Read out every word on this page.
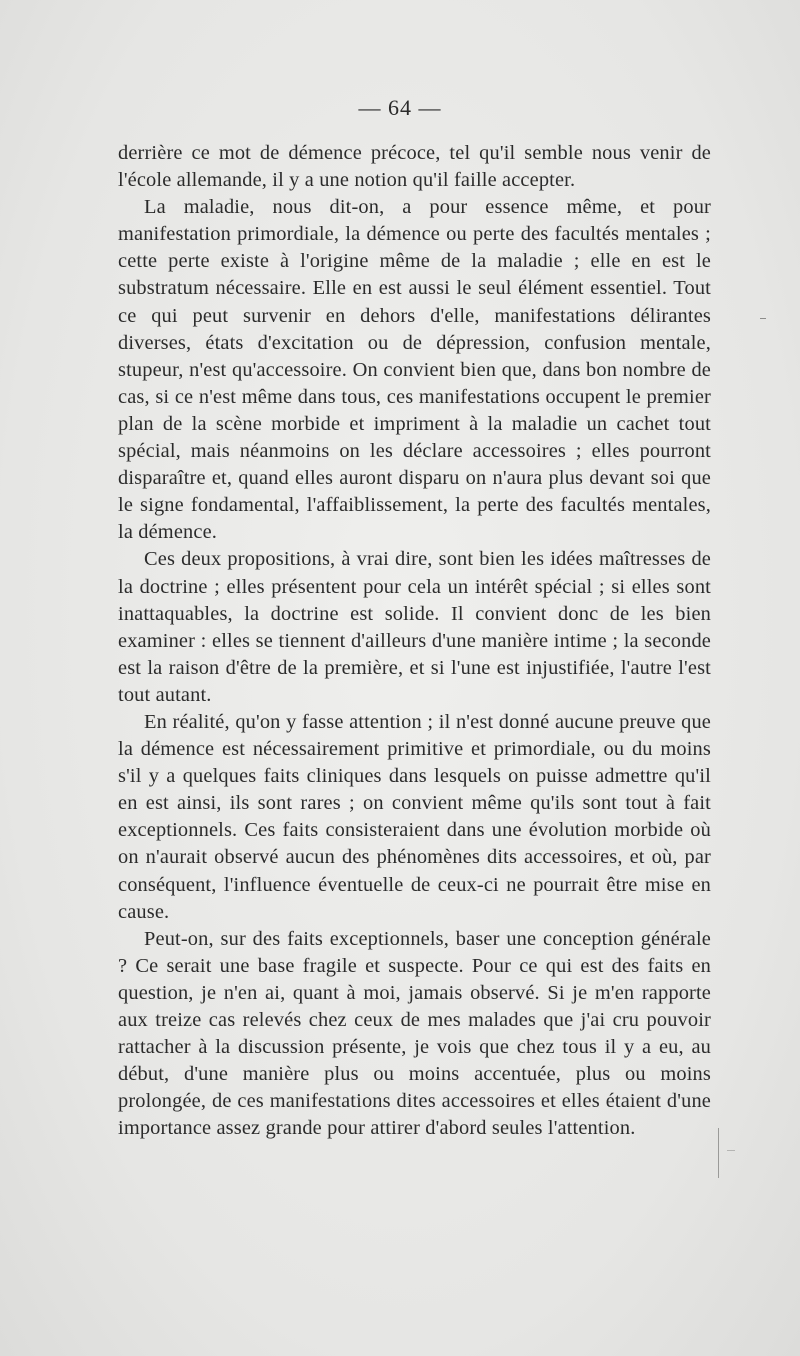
— 64 —

derrière ce mot de démence précoce, tel qu'il semble nous venir de l'école allemande, il y a une notion qu'il faille accepter.

La maladie, nous dit-on, a pour essence même, et pour manifestation primordiale, la démence ou perte des facultés mentales ; cette perte existe à l'origine même de la maladie ; elle en est le substratum nécessaire. Elle en est aussi le seul élément essentiel. Tout ce qui peut survenir en dehors d'elle, manifestations délirantes diverses, états d'excitation ou de dépression, confusion mentale, stupeur, n'est qu'accessoire. On convient bien que, dans bon nombre de cas, si ce n'est même dans tous, ces manifestations occupent le premier plan de la scène morbide et impriment à la maladie un cachet tout spécial, mais néanmoins on les déclare accessoires ; elles pourront disparaître et, quand elles auront disparu on n'aura plus devant soi que le signe fondamental, l'affaiblissement, la perte des facultés mentales, la démence.

Ces deux propositions, à vrai dire, sont bien les idées maîtresses de la doctrine ; elles présentent pour cela un intérêt spécial ; si elles sont inattaquables, la doctrine est solide. Il convient donc de les bien examiner : elles se tiennent d'ailleurs d'une manière intime ; la seconde est la raison d'être de la première, et si l'une est injustifiée, l'autre l'est tout autant.

En réalité, qu'on y fasse attention ; il n'est donné aucune preuve que la démence est nécessairement primitive et primordiale, ou du moins s'il y a quelques faits cliniques dans lesquels on puisse admettre qu'il en est ainsi, ils sont rares ; on convient même qu'ils sont tout à fait exceptionnels. Ces faits consisteraient dans une évolution morbide où on n'aurait observé aucun des phénomènes dits accessoires, et où, par conséquent, l'influence éventuelle de ceux-ci ne pourrait être mise en cause.

Peut-on, sur des faits exceptionnels, baser une conception générale ? Ce serait une base fragile et suspecte. Pour ce qui est des faits en question, je n'en ai, quant à moi, jamais observé. Si je m'en rapporte aux treize cas relevés chez ceux de mes malades que j'ai cru pouvoir rattacher à la discussion présente, je vois que chez tous il y a eu, au début, d'une manière plus ou moins accentuée, plus ou moins prolongée, de ces manifestations dites accessoires et elles étaient d'une importance assez grande pour attirer d'abord seules l'attention.
